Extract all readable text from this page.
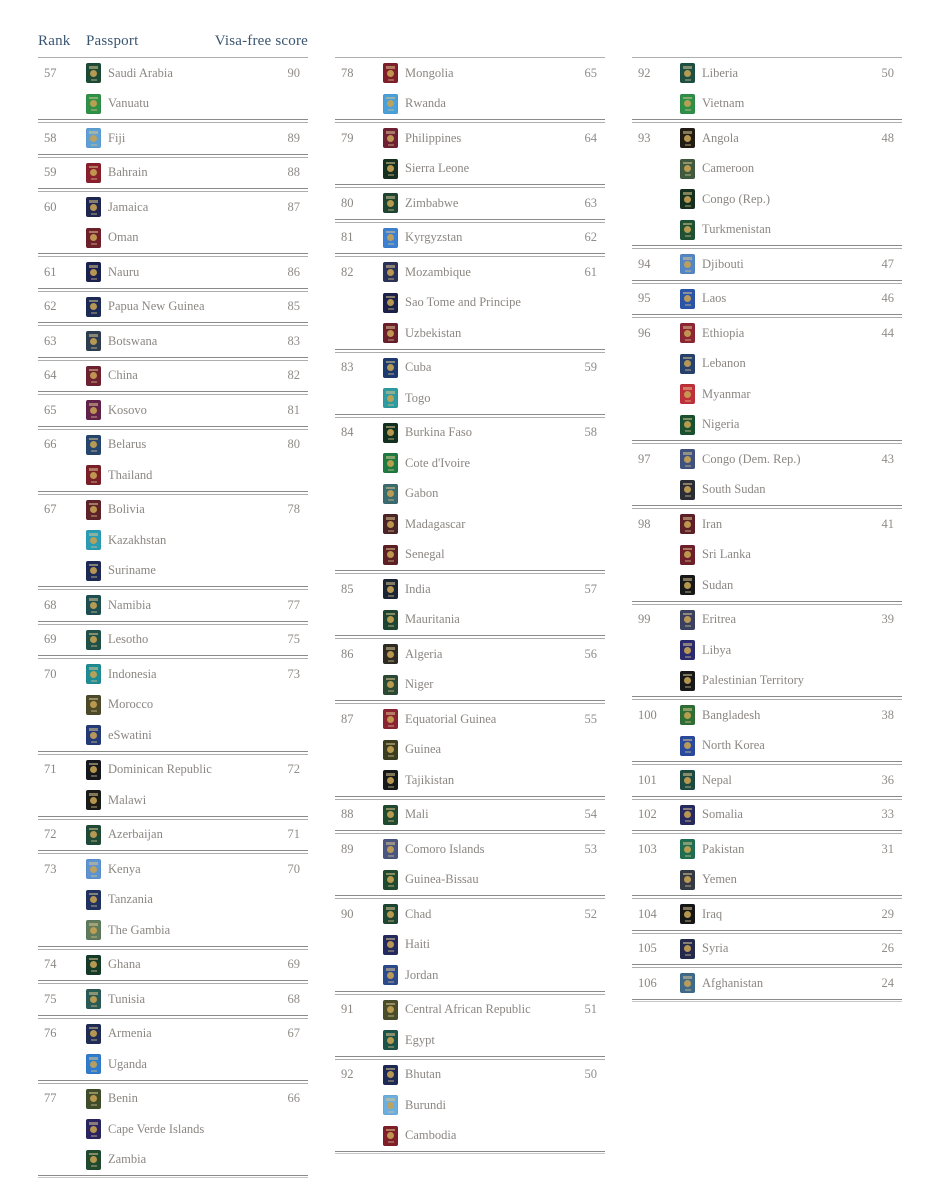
Rank	Passport	Visa-free score
57	Saudi Arabia	90
Vanuatu
58	Fiji	89
59	Bahrain	88
60	Jamaica	87
Oman
61	Nauru	86
62	Papua New Guinea	85
63	Botswana	83
64	China	82
65	Kosovo	81
66	Belarus	80
Thailand
67	Bolivia	78
Kazakhstan
Suriname
68	Namibia	77
69	Lesotho	75
70	Indonesia	73
Morocco
eSwatini
71	Dominican Republic	72
Malawi
72	Azerbaijan	71
73	Kenya	70
Tanzania
The Gambia
74	Ghana	69
75	Tunisia	68
76	Armenia	67
Uganda
77	Benin	66
Cape Verde Islands
Zambia
78	Mongolia	65
Rwanda
79	Philippines	64
Sierra Leone
80	Zimbabwe	63
81	Kyrgyzstan	62
82	Mozambique	61
Sao Tome and Principe
Uzbekistan
83	Cuba	59
Togo
84	Burkina Faso	58
Cote d'Ivoire
Gabon
Madagascar
Senegal
85	India	57
Mauritania
86	Algeria	56
Niger
87	Equatorial Guinea	55
Guinea
Tajikistan
88	Mali	54
89	Comoro Islands	53
Guinea-Bissau
90	Chad	52
Haiti
Jordan
91	Central African Republic	51
Egypt
92	Bhutan	50
Burundi
Cambodia
92	Liberia	50
Vietnam
93	Angola	48
Cameroon
Congo (Rep.)
Turkmenistan
94	Djibouti	47
95	Laos	46
96	Ethiopia	44
Lebanon
Myanmar
Nigeria
97	Congo (Dem. Rep.)	43
South Sudan
98	Iran	41
Sri Lanka
Sudan
99	Eritrea	39
Libya
Palestinian Territory
100	Bangladesh	38
North Korea
101	Nepal	36
102	Somalia	33
103	Pakistan	31
Yemen
104	Iraq	29
105	Syria	26
106	Afghanistan	24
